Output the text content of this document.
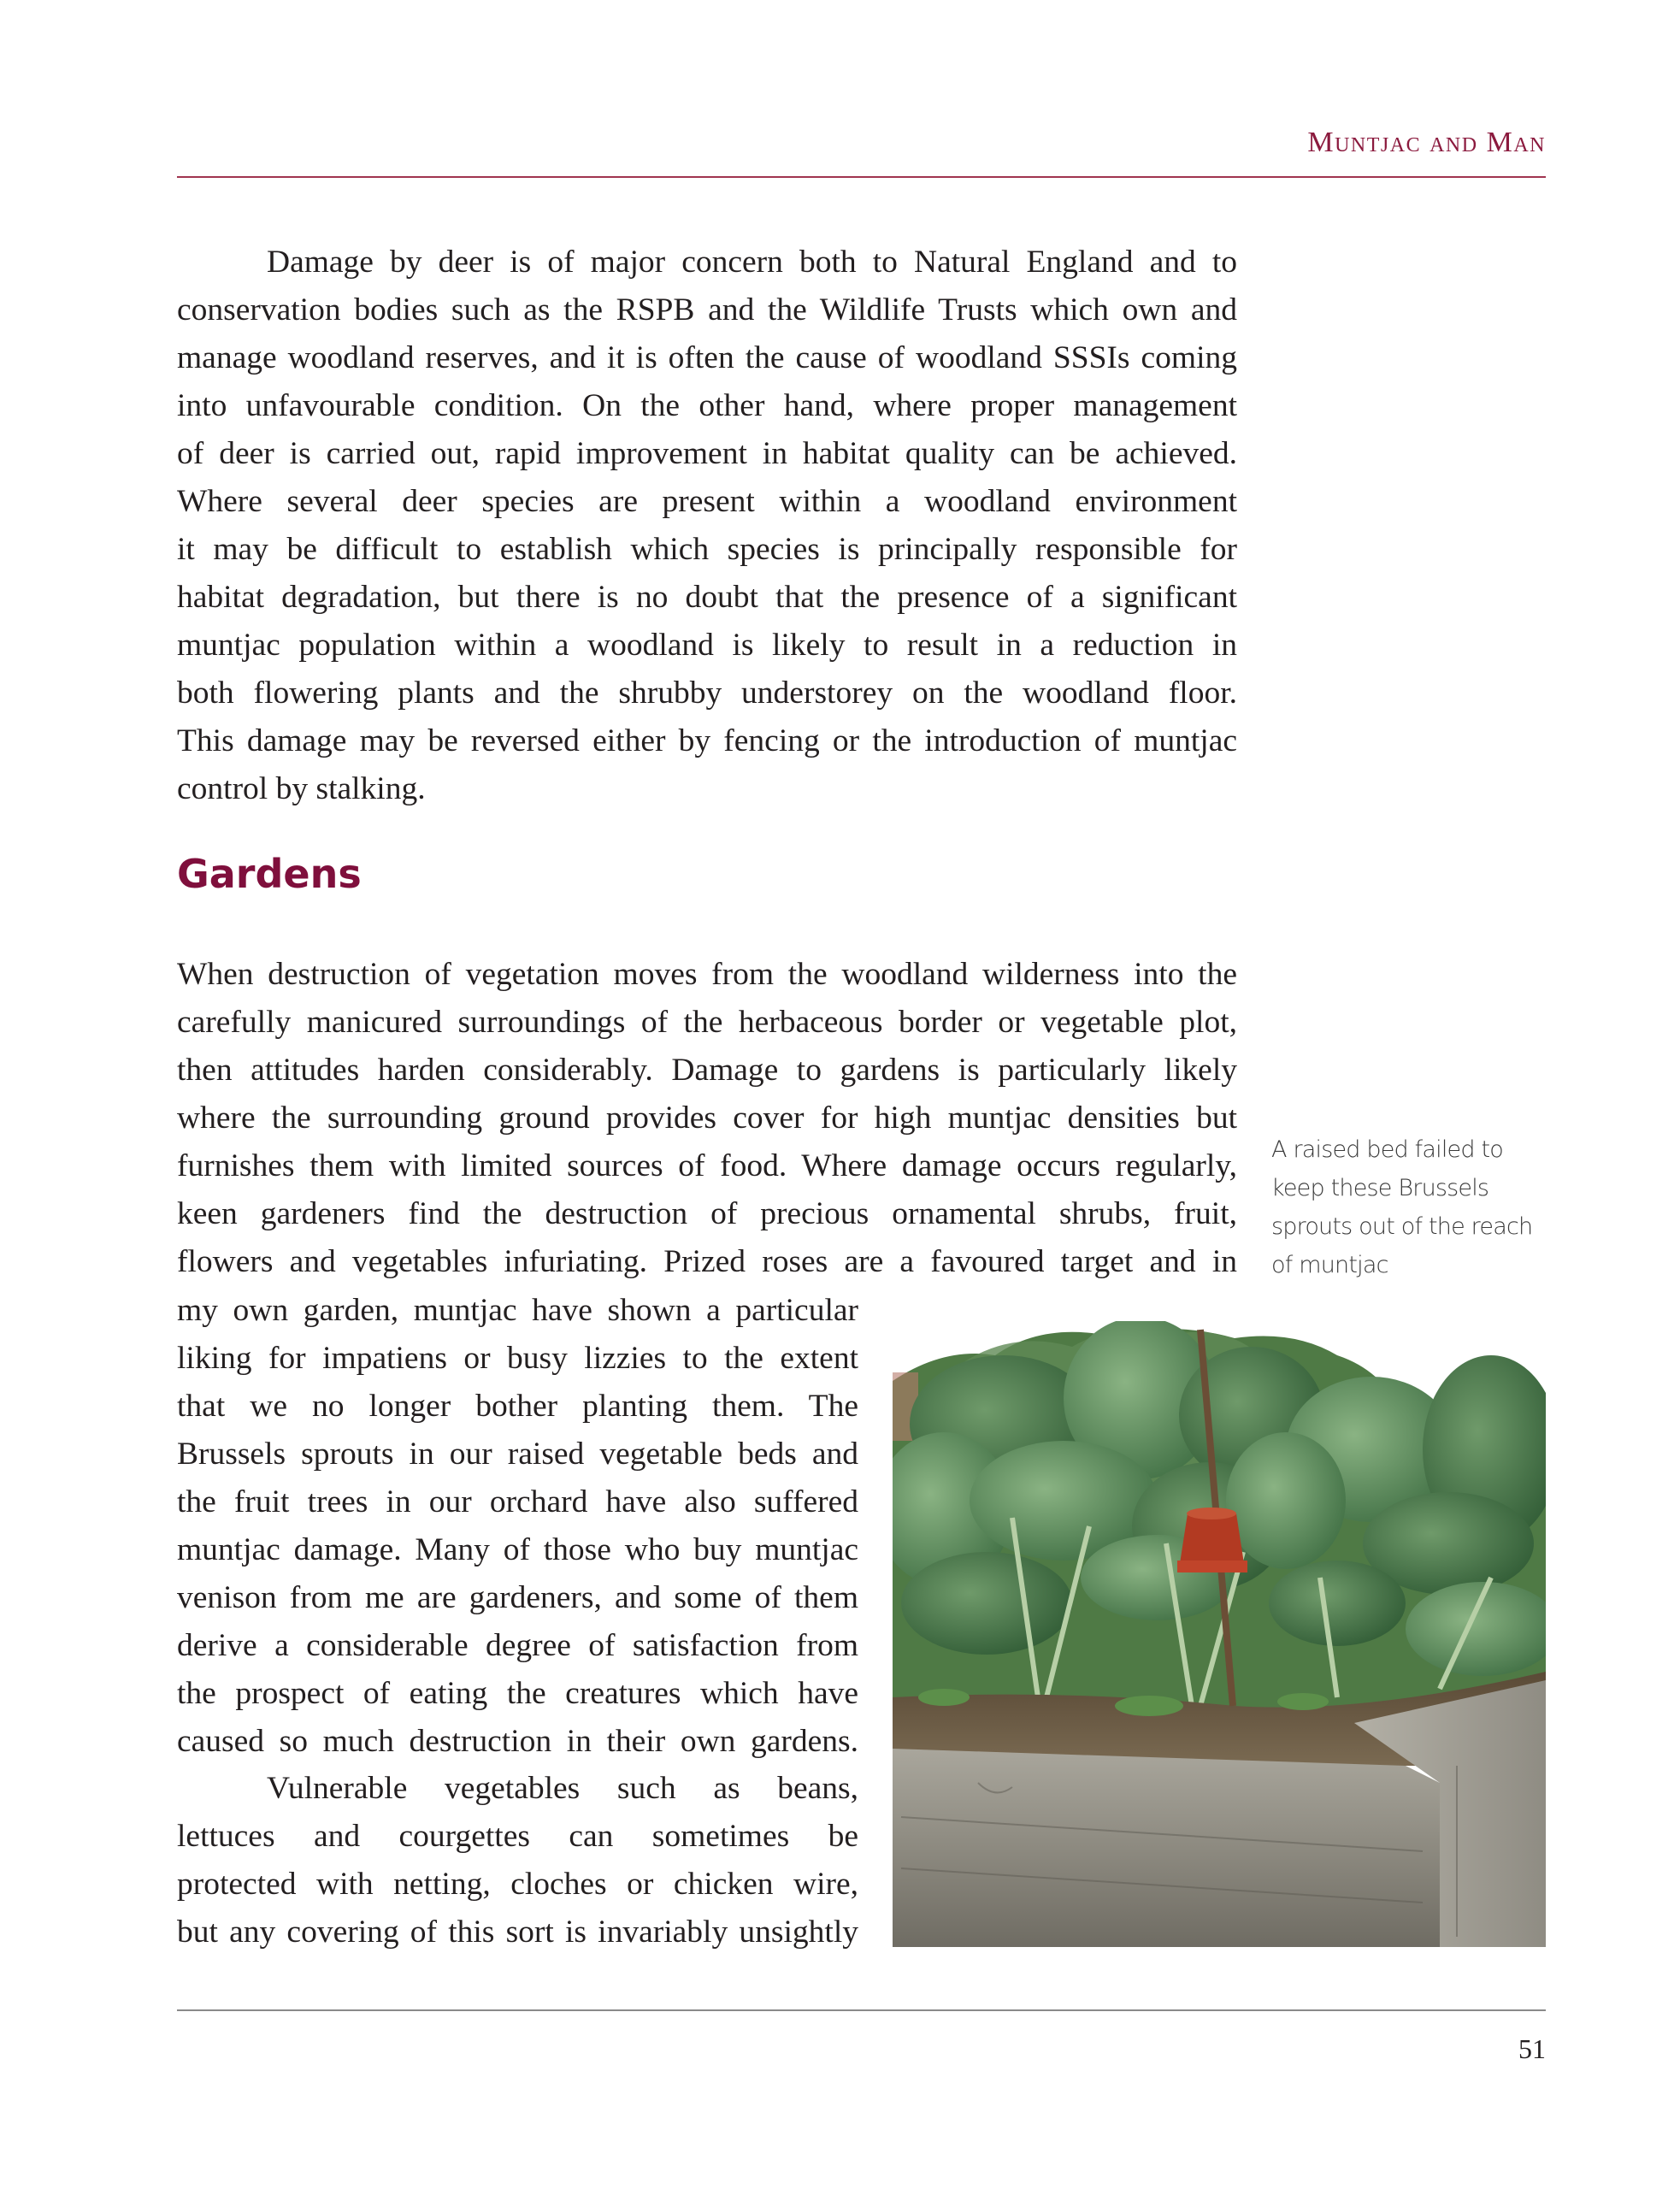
Muntjac and Man
Damage by deer is of major concern both to Natural England and to
conservation bodies such as the RSPB and the Wildlife Trusts which own and
manage woodland reserves, and it is often the cause of woodland SSSIs coming
into unfavourable condition. On the other hand, where proper management
of deer is carried out, rapid improvement in habitat quality can be achieved.
Where several deer species are present within a woodland environment
it may be difficult to establish which species is principally responsible for
habitat degradation, but there is no doubt that the presence of a significant
muntjac population within a woodland is likely to result in a reduction in
both flowering plants and the shrubby understorey on the woodland floor.
This damage may be reversed either by fencing or the introduction of muntjac
control by stalking.
Gardens
When destruction of vegetation moves from the woodland wilderness into the
carefully manicured surroundings of the herbaceous border or vegetable plot,
then attitudes harden considerably. Damage to gardens is particularly likely
where the surrounding ground provides cover for high muntjac densities but
furnishes them with limited sources of food. Where damage occurs regularly,
keen gardeners find the destruction of precious ornamental shrubs, fruit,
flowers and vegetables infuriating. Prized roses are a favoured target and in
my own garden, muntjac have shown a particular
liking for impatiens or busy lizzies to the extent
that we no longer bother planting them. The
Brussels sprouts in our raised vegetable beds and
the fruit trees in our orchard have also suffered
muntjac damage. Many of those who buy muntjac
venison from me are gardeners, and some of them
derive a considerable degree of satisfaction from
the prospect of eating the creatures which have
caused so much destruction in their own gardens.
Vulnerable vegetables such as beans,
lettuces and courgettes can sometimes be
protected with netting, cloches or chicken wire,
but any covering of this sort is invariably unsightly
A raised bed failed to
keep these Brussels
sprouts out of the reach
of muntjac
51
